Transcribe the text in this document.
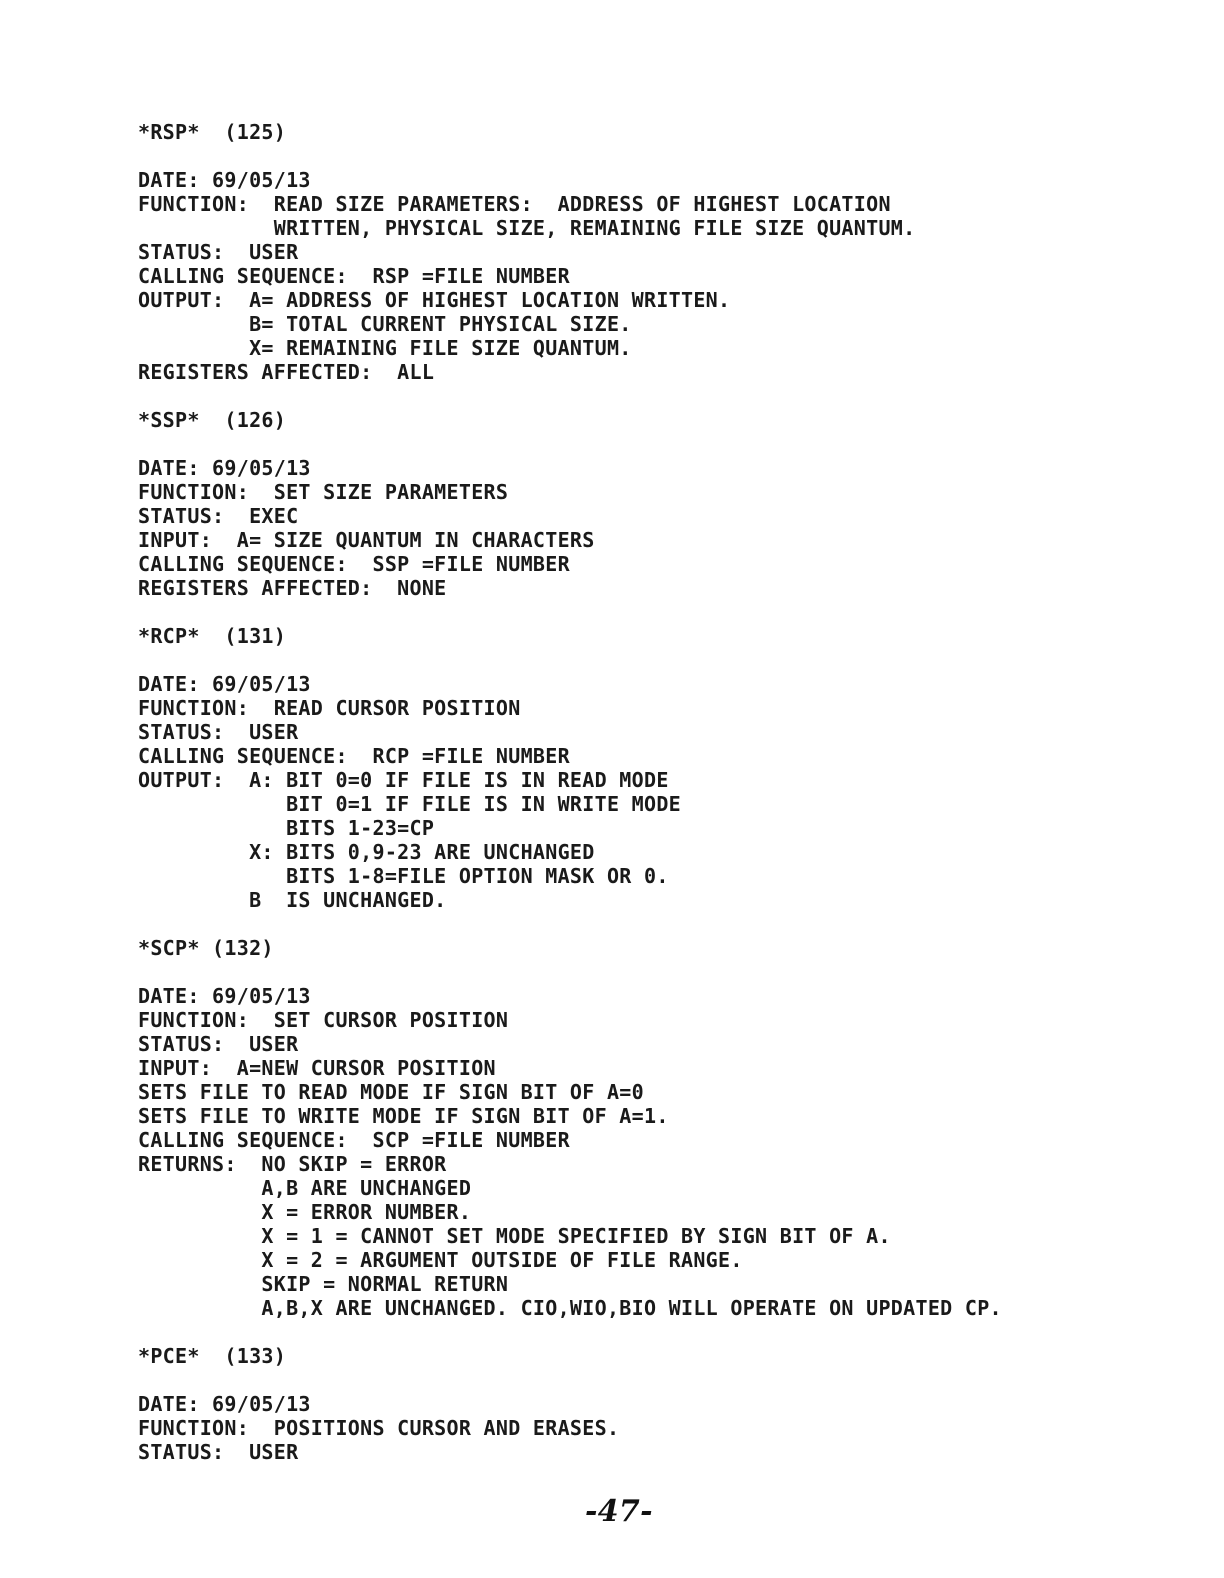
*RSP*  (125)
DATE: 69/05/13
FUNCTION:  READ SIZE PARAMETERS:  ADDRESS OF HIGHEST LOCATION
WRITTEN, PHYSICAL SIZE, REMAINING FILE SIZE QUANTUM.
STATUS:  USER
CALLING SEQUENCE:  RSP =FILE NUMBER
OUTPUT:  A= ADDRESS OF HIGHEST LOCATION WRITTEN.
B= TOTAL CURRENT PHYSICAL SIZE.
X= REMAINING FILE SIZE QUANTUM.
REGISTERS AFFECTED:  ALL
*SSP*  (126)
DATE: 69/05/13
FUNCTION:  SET SIZE PARAMETERS
STATUS:  EXEC
INPUT:  A= SIZE QUANTUM IN CHARACTERS
CALLING SEQUENCE:  SSP =FILE NUMBER
REGISTERS AFFECTED:  NONE
*RCP*  (131)
DATE: 69/05/13
FUNCTION:  READ CURSOR POSITION
STATUS:  USER
CALLING SEQUENCE:  RCP =FILE NUMBER
OUTPUT:  A: BIT 0=0 IF FILE IS IN READ MODE
BIT 0=1 IF FILE IS IN WRITE MODE
BITS 1-23=CP
X: BITS 0,9-23 ARE UNCHANGED
BITS 1-8=FILE OPTION MASK OR 0.
B  IS UNCHANGED.
*SCP* (132)
DATE: 69/05/13
FUNCTION:  SET CURSOR POSITION
STATUS:  USER
INPUT:  A=NEW CURSOR POSITION
SETS FILE TO READ MODE IF SIGN BIT OF A=0
SETS FILE TO WRITE MODE IF SIGN BIT OF A=1.
CALLING SEQUENCE:  SCP =FILE NUMBER
RETURNS:  NO SKIP = ERROR
A,B ARE UNCHANGED
X = ERROR NUMBER.
X = 1 = CANNOT SET MODE SPECIFIED BY SIGN BIT OF A.
X = 2 = ARGUMENT OUTSIDE OF FILE RANGE.
SKIP = NORMAL RETURN
A,B,X ARE UNCHANGED. CIO,WIO,BIO WILL OPERATE ON UPDATED CP.
*PCE*  (133)
DATE: 69/05/13
FUNCTION:  POSITIONS CURSOR AND ERASES.
STATUS:  USER
-47-
